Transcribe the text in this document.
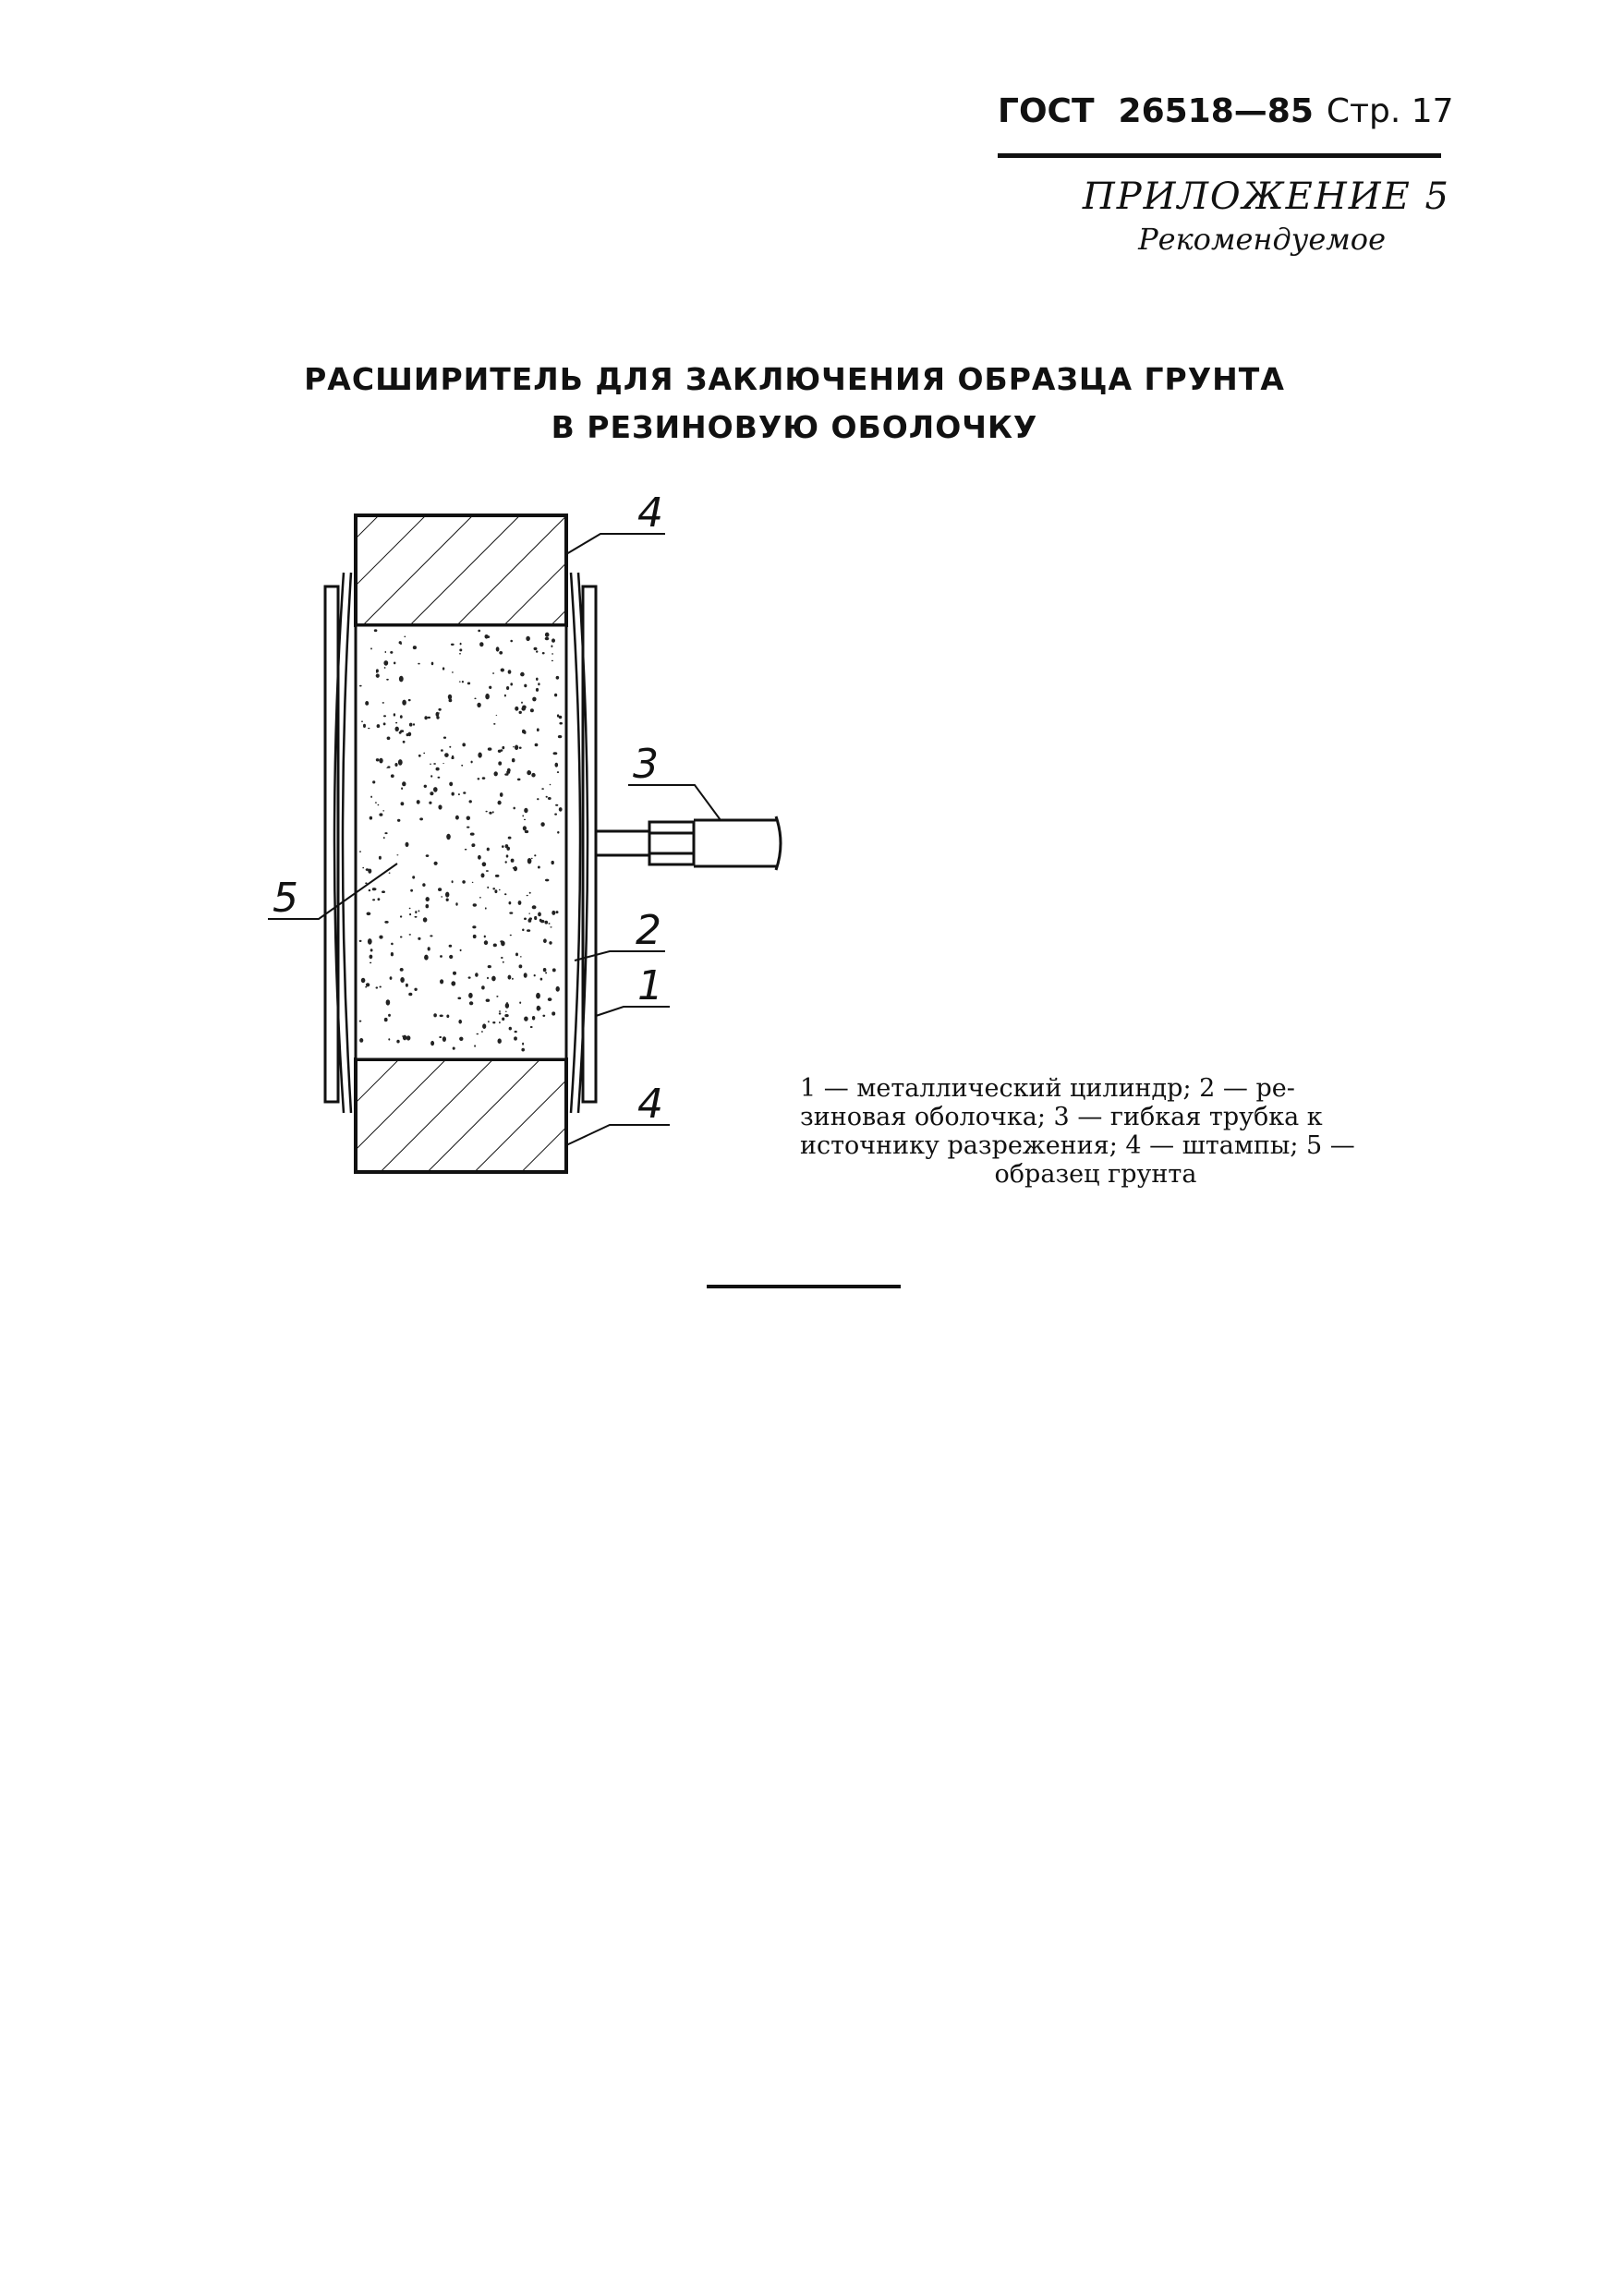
ГОСТ 26518—85 Стр. 17
ПРИЛОЖЕНИЕ 5
Рекомендуемое
РАСШИРИТЕЛЬ ДЛЯ ЗАКЛЮЧЕНИЯ ОБРАЗЦА ГРУНТА
В РЕЗИНОВУЮ ОБОЛОЧКУ
4
3
5
2
1
4	1 — металлический цилиндр; 2 — ре-
зиновая оболочка; 3 — гибкая трубка к
источнику разрежения; 4 — штампы; 5 —
образец грунта
